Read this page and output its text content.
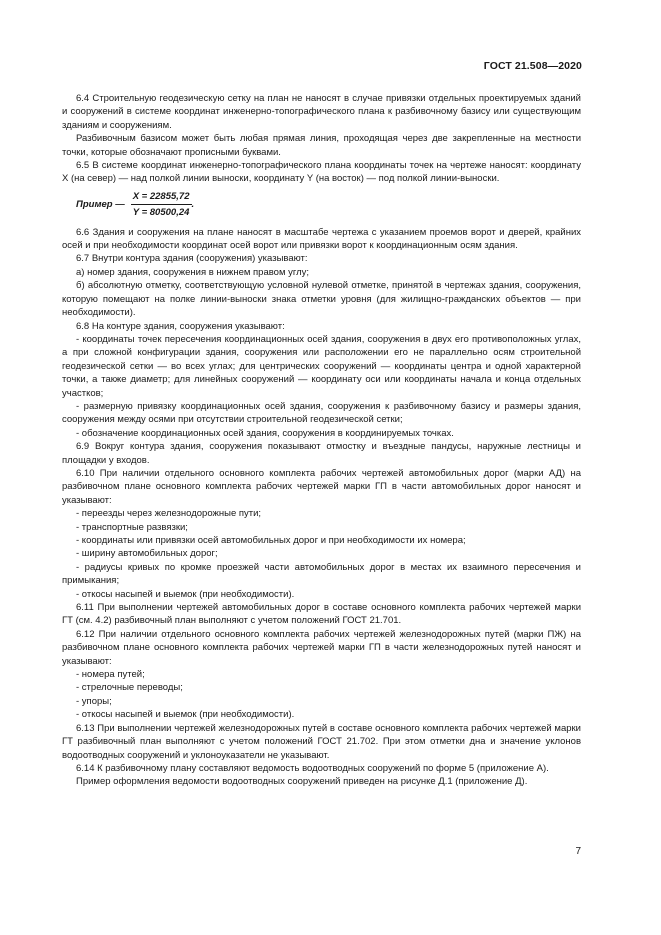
ГОСТ 21.508—2020

6.4 Строительную геодезическую сетку на план не наносят в случае привязки отдельных проектируемых зданий и сооружений в системе координат инженерно-топографического плана к разбивочному базису или существующим зданиям и сооружениям.

Разбивочным базисом может быть любая прямая линия, проходящая через две закрепленные на местности точки, которые обозначают прописными буквами.

6.5 В системе координат инженерно-топографического плана координаты точек на чертеже наносят: координату X (на север) — над полкой линии выноски, координату Y (на восток) — под полкой линии-выноски.

Пример — $\frac{X = 22855,72}{Y = 80500,24}$ .

6.6 Здания и сооружения на плане наносят в масштабе чертежа с указанием проемов ворот и дверей, крайних осей и при необходимости координат осей ворот или привязки ворот к координационным осям здания.

6.7 Внутри контура здания (сооружения) указывают:

а) номер здания, сооружения в нижнем правом углу;

б) абсолютную отметку, соответствующую условной нулевой отметке, принятой в чертежах здания, сооружения, которую помещают на полке линии-выноски знака отметки уровня (для жилищно-гражданских объектов — при необходимости).

6.8 На контуре здания, сооружения указывают:

- координаты точек пересечения координационных осей здания, сооружения в двух его противоположных углах, а при сложной конфигурации здания, сооружения или расположении его не параллельно осям строительной геодезической сетки — во всех углах; для центрических сооружений — координаты центра и одной характерной точки, а также диаметр; для линейных сооружений — координату оси или координаты начала и конца отдельных участков;

- размерную привязку координационных осей здания, сооружения к разбивочному базису и размеры здания, сооружения между осями при отсутствии строительной геодезической сетки;

- обозначение координационных осей здания, сооружения в координируемых точках.

6.9 Вокруг контура здания, сооружения показывают отмостку и въездные пандусы, наружные лестницы и площадки у входов.

6.10 При наличии отдельного основного комплекта рабочих чертежей автомобильных дорог (марки АД) на разбивочном плане основного комплекта рабочих чертежей марки ГП в части автомобильных дорог наносят и указывают:

- переезды через железнодорожные пути;

- транспортные развязки;

- координаты или привязки осей автомобильных дорог и при необходимости их номера;

- ширину автомобильных дорог;

- радиусы кривых по кромке проезжей части автомобильных дорог в местах их взаимного пересечения и примыкания;

- откосы насыпей и выемок (при необходимости).

6.11 При выполнении чертежей автомобильных дорог в составе основного комплекта рабочих чертежей марки ГТ (см. 4.2) разбивочный план выполняют с учетом положений ГОСТ 21.701.

6.12 При наличии отдельного основного комплекта рабочих чертежей железнодорожных путей (марки ПЖ) на разбивочном плане основного комплекта рабочих чертежей марки ГП в части железнодорожных путей наносят и указывают:

- номера путей;

- стрелочные переводы;

- упоры;

- откосы насыпей и выемок (при необходимости).

6.13 При выполнении чертежей железнодорожных путей в составе основного комплекта рабочих чертежей марки ГТ разбивочный план выполняют с учетом положений ГОСТ 21.702. При этом отметки дна и значение уклонов водоотводных сооружений и уклоноуказатели не указывают.

6.14 К разбивочному плану составляют ведомость водоотводных сооружений по форме 5 (приложение А).

Пример оформления ведомости водоотводных сооружений приведен на рисунке Д.1 (приложение Д).

7
